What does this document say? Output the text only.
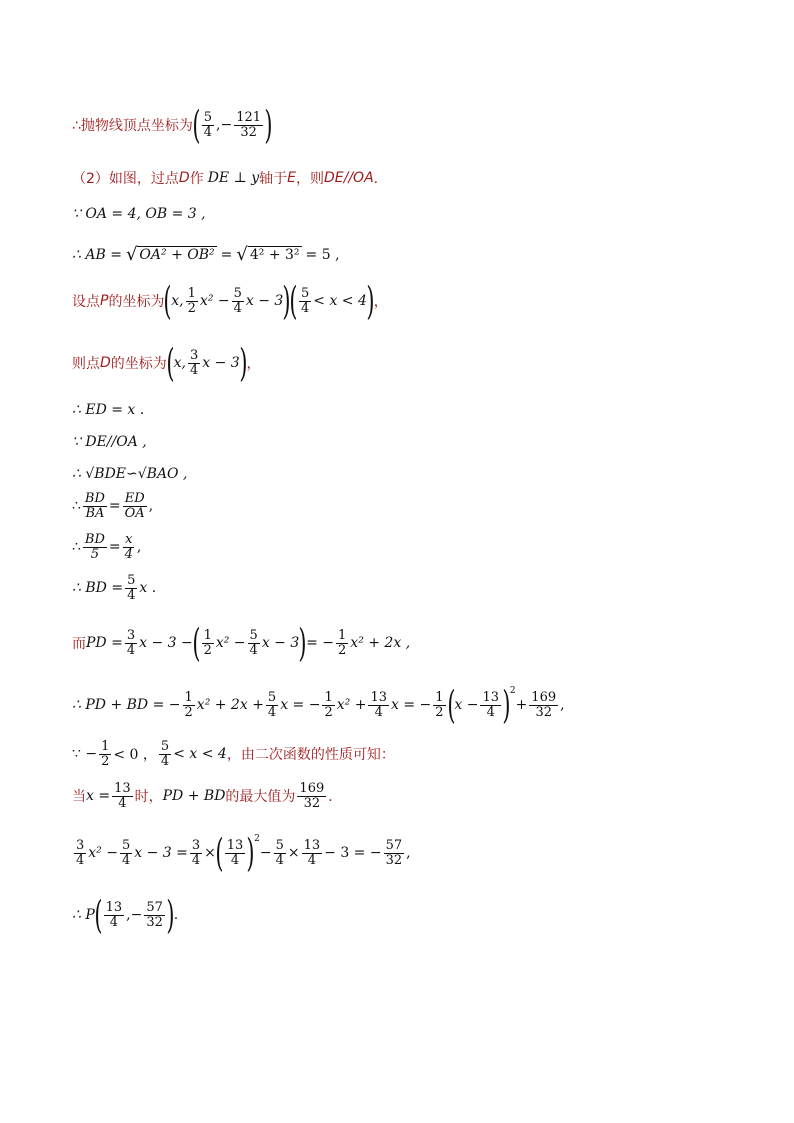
∴抛物线顶点坐标为 ( $\frac{5}{4}$ ,− $\frac{121}{32}$ )
（2）如图，过点 D 作 DE ⊥ y 轴于 E ，则 DE//OA ．
∵ OA = 4, OB = 3 ,
∴ AB = √ OA² + OB² = √ 4² + 3² = 5 ,
设点 P 的坐标为 ( x, $\frac{1}{2} x^2 - \frac{5}{4}$ x − 3 )
( $\frac{5}{4} < x < 4$ ) ，
则点 D 的坐标为 ( x, $\frac{3}{4}$ x − 3 ) ，
∴ ED = x .
∵ DE//OA ,
∴ √BDE∽√BAO ,
∴ $\frac{BD}{BA} = \frac{ED}{OA}$ ,
∴ $\frac{BD}{5} = \frac{x}{4}$ ,
∴ BD = $\frac{5}{4}$ x .
而 PD = $\frac{3}{4}$ x − 3 − ( $\frac{1}{2} x^2 - \frac{5}{4}$ x − 3 ) = − $\frac{1}{2} x^2 + 2x$ ,
∴ PD + BD = − $\frac{1}{2} x^2 + 2x + \frac{5}{4}$ x = − $\frac{1}{2} x^2 + \frac{13}{4}$ x = − $\frac{1}{2}$ ( $x - \frac{13}{4} )^2$
+ $\frac{169}{32}$ ,
∵ − $\frac{1}{2} < 0$ ， $\frac{5}{4} < x < 4$ ，由二次函数的性质可知：
当 $x = \frac{13}{4}$ 时， PD + BD 的最大值为 $\frac{169}{32}$ ．
$\frac{3}{4} x^2 - \frac{5}{4}$ $x - 3 = \frac{3}{4}$ × ( $\frac{13}{4} )^2$
− $\frac{5}{4} \times \frac{13}{4} - 3$ = − $\frac{57}{32}$ ,
∴ P ( $\frac{13}{4}$ ,− $\frac{57}{32}$ ) .
